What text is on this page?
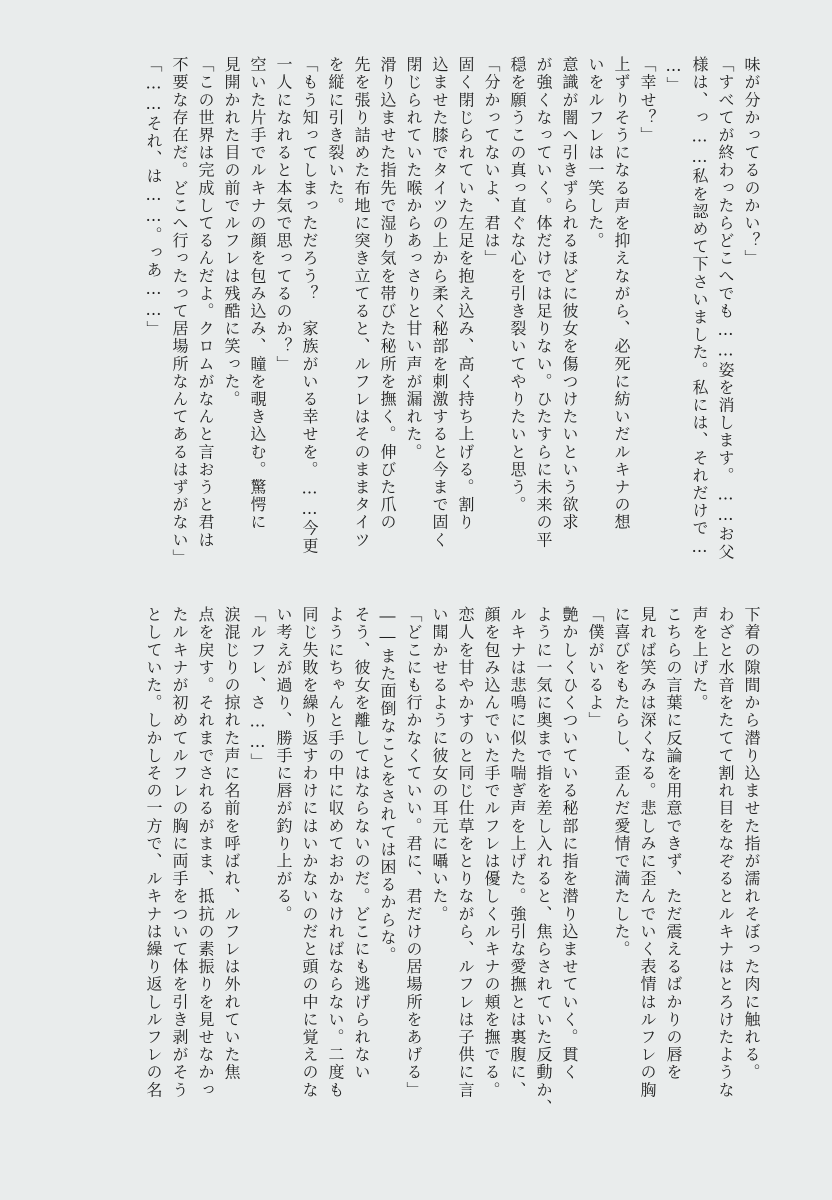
味が分かってるのかい？」
「すべてが終わったらどこへでも……姿を消します。……お父
様は、っ……私を認めて下さいました。私には、それだけで…
…」
「幸せ？」
上ずりそうになる声を抑えながら、必死に紡いだルキナの想
いをルフレは一笑した。
意識が闇へ引きずられるほどに彼女を傷つけたいという欲求
が強くなっていく。体だけでは足りない。ひたすらに未来の平
穏を願うこの真っ直ぐな心を引き裂いてやりたいと思う。
「分かってないよ、君は」
固く閉じられていた左足を抱え込み、高く持ち上げる。割り
込ませた膝でタイツの上から柔く秘部を刺激すると今まで固く
閉じられていた喉からあっさりと甘い声が漏れた。
滑り込ませた指先で湿り気を帯びた秘所を撫く。伸びた爪の
先を張り詰めた布地に突き立てると、ルフレはそのままタイツ
を縦に引き裂いた。
「もう知ってしまっただろう？　家族がいる幸せを。……今更
一人になれると本気で思ってるのか？」
空いた片手でルキナの顔を包み込み、瞳を覗き込む。驚愕に
見開かれた目の前でルフレは残酷に笑った。
「この世界は完成してるんだよ。クロムがなんと言おうと君は
不要な存在だ。どこへ行ったって居場所なんてあるはずがない」
「……それ、は……。っあ……」
下着の隙間から潜り込ませた指が濡れそぼった肉に触れる。
わざと水音をたてて割れ目をなぞるとルキナはとろけたような
声を上げた。
こちらの言葉に反論を用意できず、ただ震えるばかりの唇を
見れば笑みは深くなる。悲しみに歪んでいく表情はルフレの胸
に喜びをもたらし、歪んだ愛情で満たした。
「僕がいるよ」
艶かしくひくついている秘部に指を潜り込ませていく。貫く
ように一気に奥まで指を差し入れると、焦らされていた反動か、
ルキナは悲鳴に似た喘ぎ声を上げた。強引な愛撫とは裏腹に、
顔を包み込んでいた手でルフレは優しくルキナの頬を撫でる。
恋人を甘やかすのと同じ仕草をとりながら、ルフレは子供に言
い聞かせるように彼女の耳元に囁いた。
「どこにも行かなくていい。君に、君だけの居場所をあげる」
――また面倒なことをされては困るからな。
そう、彼女を離してはならないのだ。どこにも逃げられない
ようにちゃんと手の中に収めておかなければならない。二度も
同じ失敗を繰り返すわけにはいかないのだと頭の中に覚えのな
い考えが過り、勝手に唇が釣り上がる。
「ルフレ、さ……」
涙混じりの掠れた声に名前を呼ばれ、ルフレは外れていた焦
点を戻す。それまでされるがまま、抵抗の素振りを見せなかっ
たルキナが初めてルフレの胸に両手をついて体を引き剥がそう
としていた。しかしその一方で、ルキナは繰り返しルフレの名
